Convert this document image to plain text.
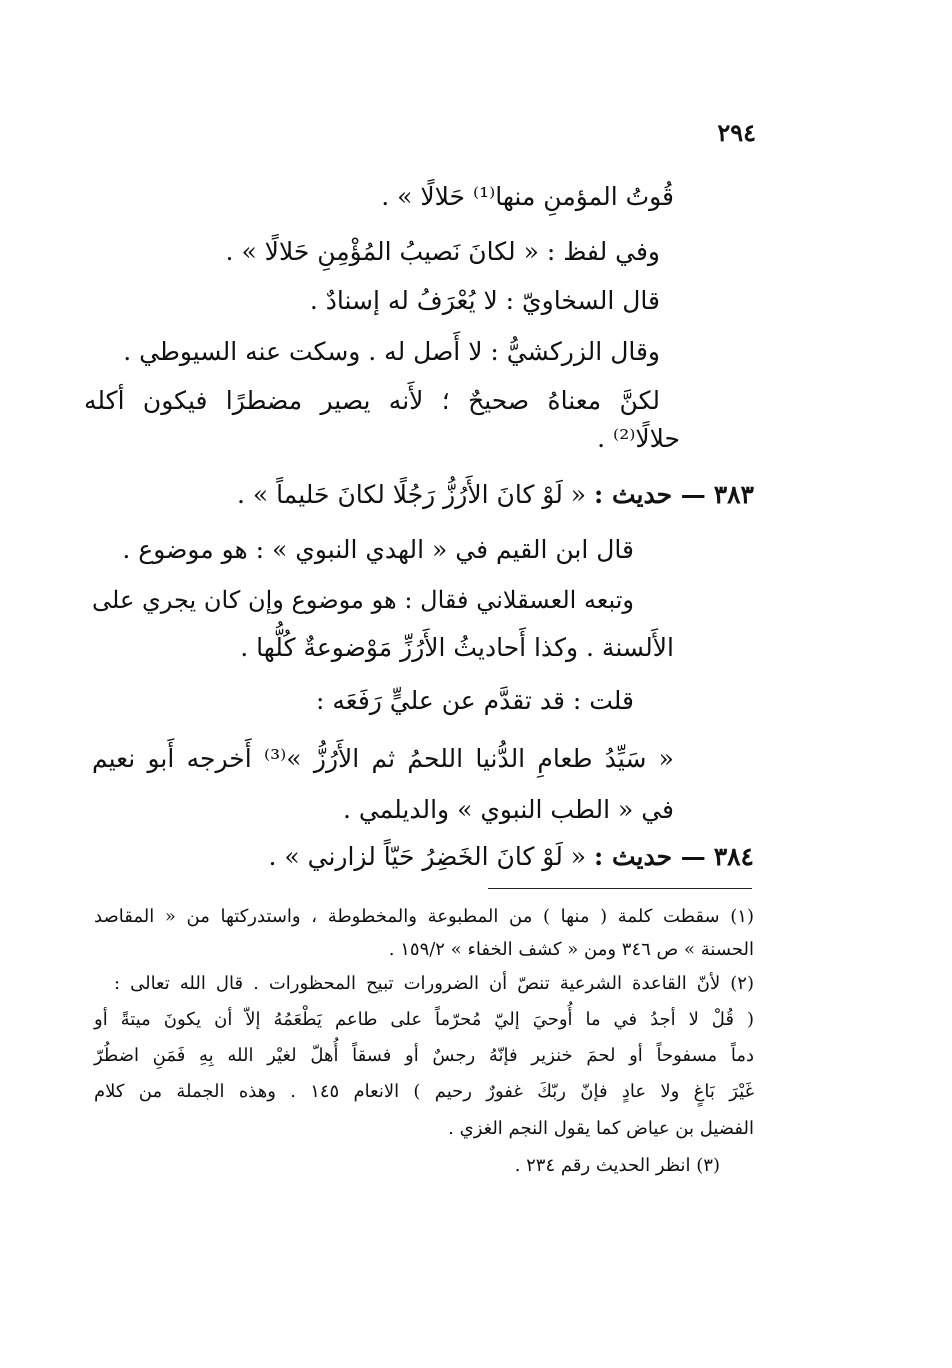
٢٩٤
قُوتُ المؤمنِ منها⁽¹⁾ حَلالًا » .
وفي لفظ : « لكانَ نَصيبُ المُؤْمِنِ حَلالًا » .
قال السخاويّ : لا يُعْرَفُ له إسنادٌ .
وقال الزركشيُّ : لا أَصل له . وسكت عنه السيوطي .
لكنَّ معناهُ صحيحٌ ؛ لأَنه يصير مضطرًا فيكون أكله
حلالًا⁽²⁾ .
٣٨٣ — حديث : « لَوْ كانَ الأَرُزُّ رَجُلًا لكانَ حَليماً » .
قال ابن القيم في « الهدي النبوي » : هو موضوع .
وتبعه العسقلاني فقال : هو موضوع وإن كان يجري على
الأَلسنة . وكذا أَحاديثُ الأَرُزِّ مَوْضوعةٌ كُلُّها .
قلت : قد تقدَّم عن عليٍّ رَفَعَه :
« سَيِّدُ طعامِ الدُّنيا اللحمُ ثم الأَرُزُّ »⁽³⁾ أَخرجه أَبو نعيم
في « الطب النبوي » والديلمي .
٣٨٤ — حديث : « لَوْ كانَ الخَضِرُ حَيّاً لزارني » .
(١) سقطت كلمة ( منها ) من المطبوعة والمخطوطة ، واستدركتها من « المقاصد
الحسنة » ص ٣٤٦ ومن « كشف الخفاء » ١٥٩/٢ .
(٢) لأنّ القاعدة الشرعية تنصّ أن الضرورات تبيح المحظورات . قال الله تعالى :
( قُلْ لا أجدُ في ما أُوحيَ إليّ مُحرّماً على طاعم يَطْعَمُهُ إلاّ أن يكونَ ميتةً أو
دماً مسفوحاً أو لحمَ خنزير فإنّهُ رجسٌ أو فسقاً أُهلّ لغيْر الله بِهِ فَمَنِ اضطُرّ
غَيْرَ بَاغٍ ولا عادٍ فإنّ ربّكَ غفورٌ رحيم ) الانعام ١٤٥ . وهذه الجملة من كلام
الفضيل بن عياض كما يقول النجم الغزي .
(٣) انظر الحديث رقم ٢٣٤ .
